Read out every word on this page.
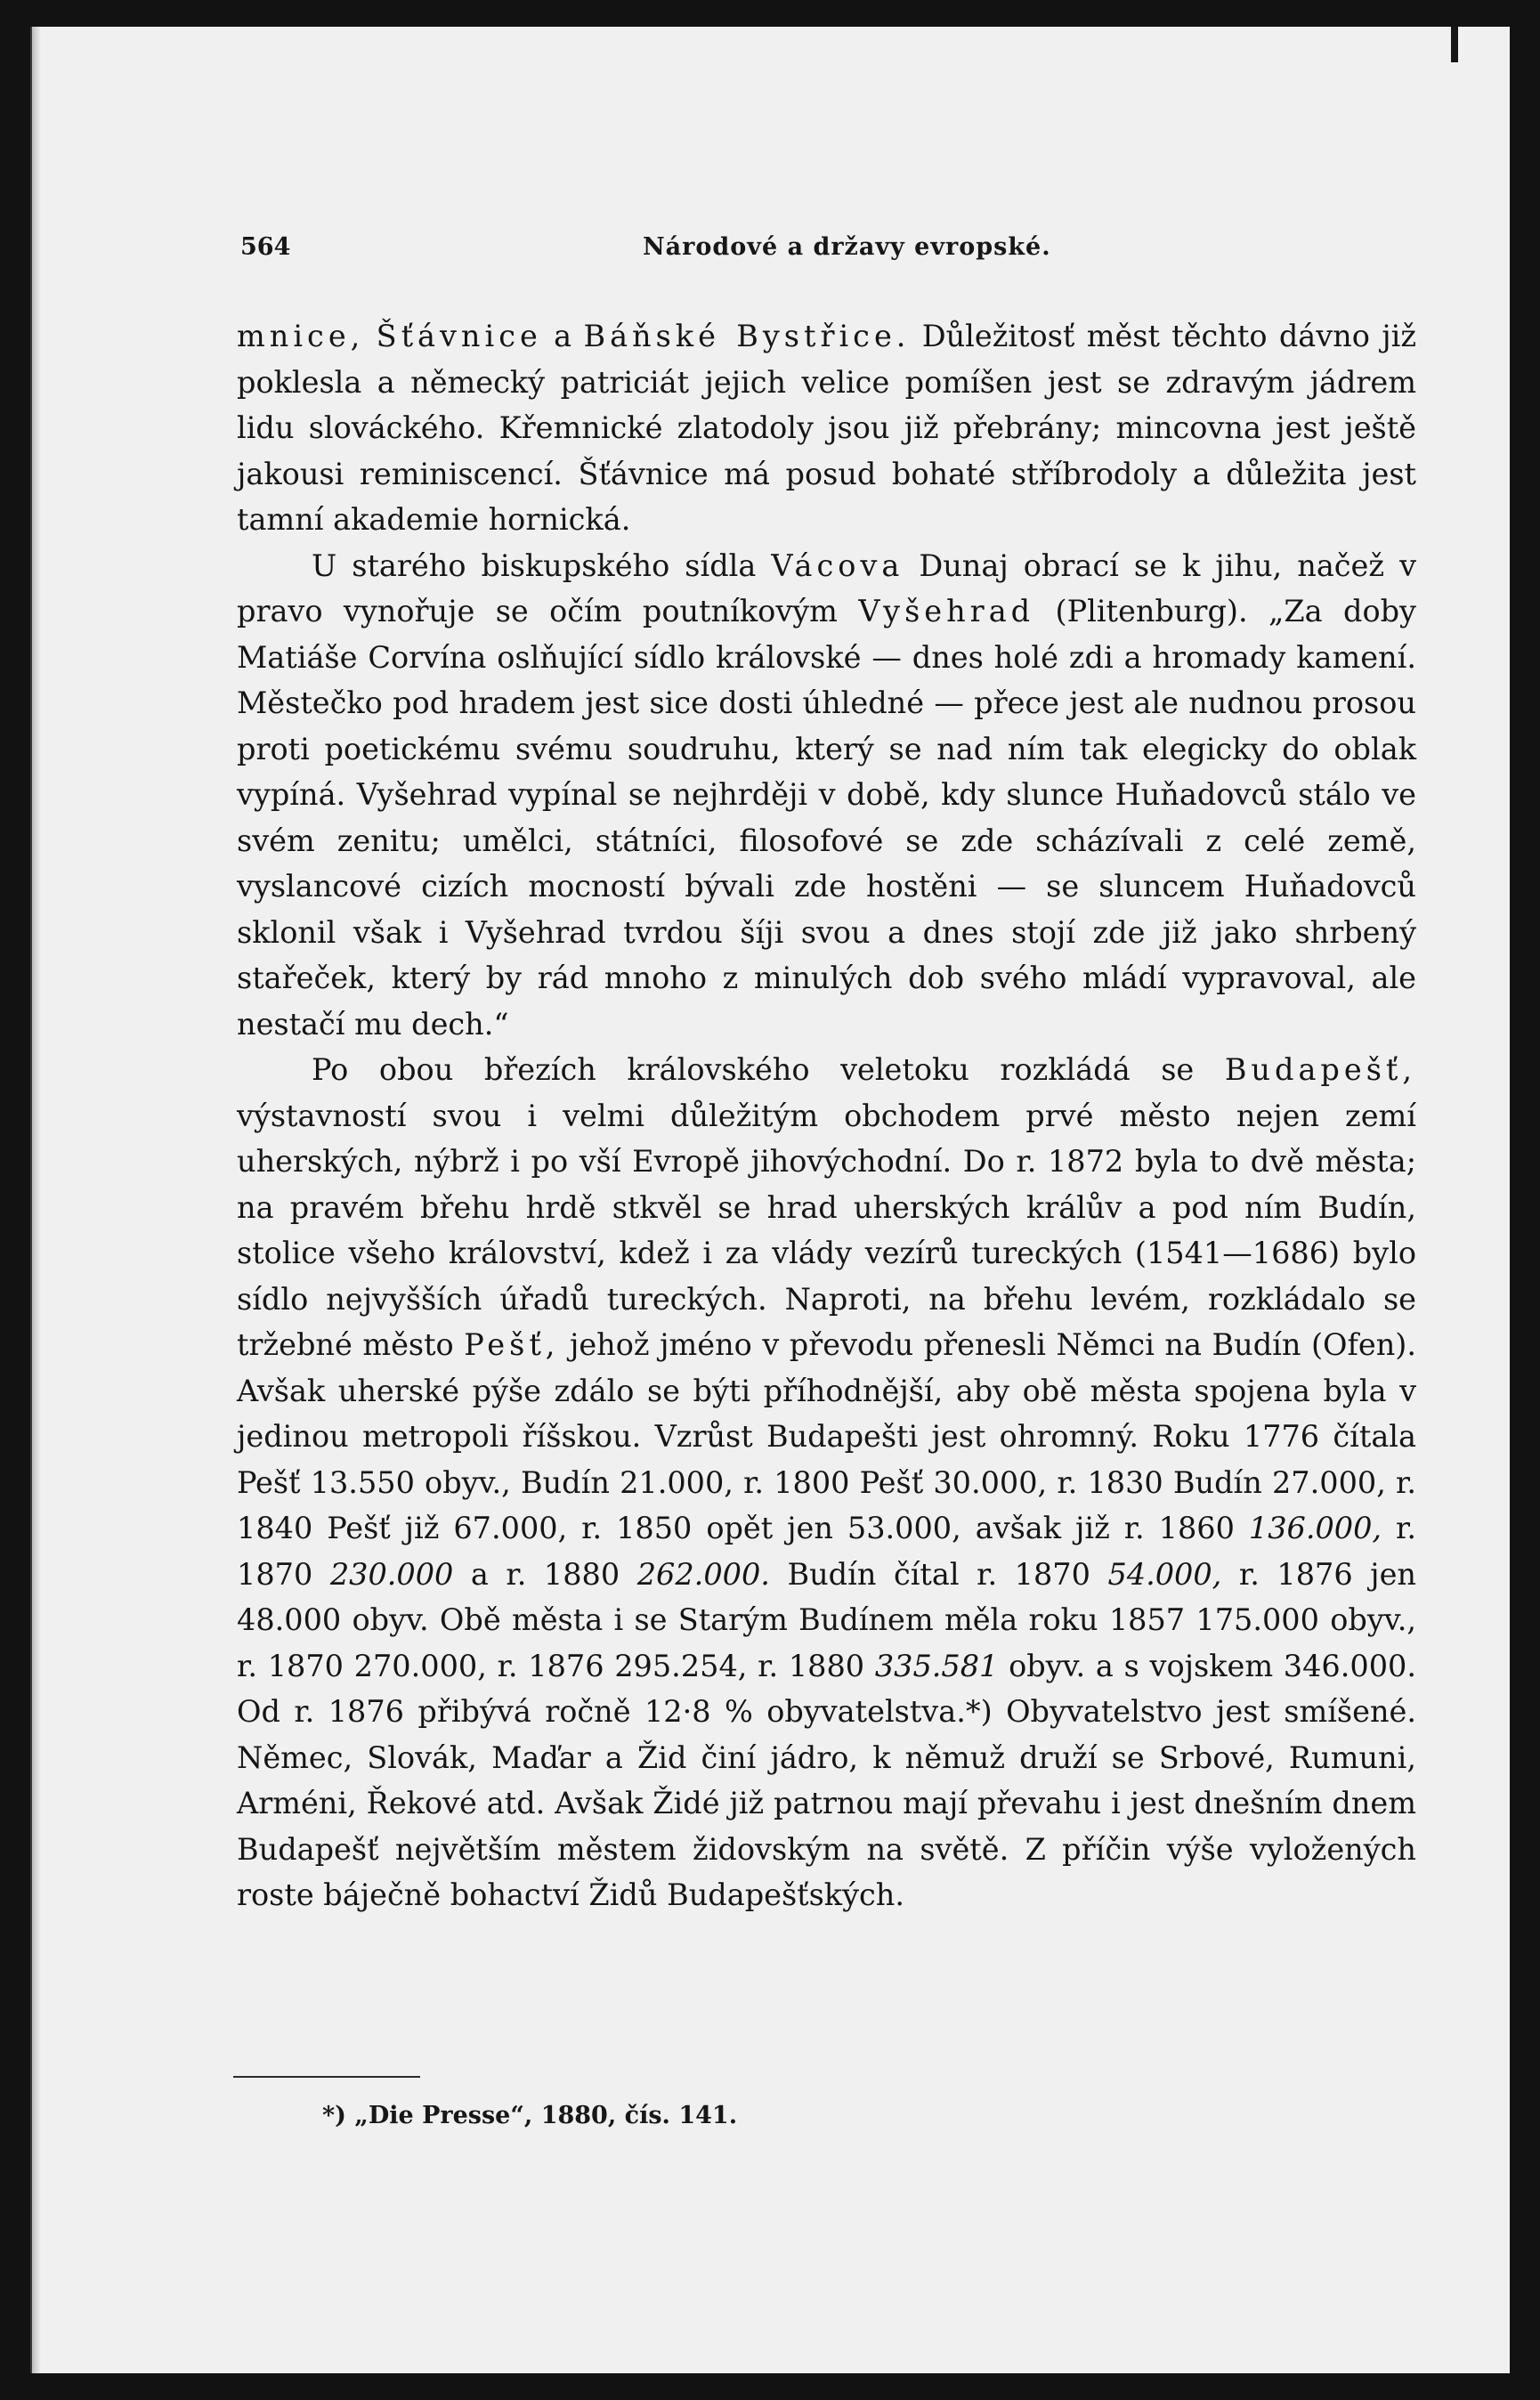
564	Národové a državy evropské.

mnice, Šťávnice a Báňské Bystřice. Důležitosť měst těchto dávno již poklesla a německý patriciát jejich velice pomíšen jest se zdravým jádrem lidu slováckého. Křemnické zlatodoly jsou již přebrány; mincovna jest ještě jakousi reminiscencí. Šťávnice má posud bohaté stříbrodoly a důležita jest tamní akademie hornická.

U starého biskupského sídla Vácova Dunaj obrací se k jihu, načež v pravo vynořuje se očím poutníkovým Vyšehrad (Plitenburg). „Za doby Matiáše Corvína oslňující sídlo královské — dnes holé zdi a hromady kamení. Městečko pod hradem jest sice dosti úhledné — přece jest ale nudnou prosou proti poetickému svému soudruhu, který se nad ním tak elegicky do oblak vypíná. Vyšehrad vypínal se nejhrději v době, kdy slunce Huňadovců stálo ve svém zenitu; umělci, státníci, filosofové se zde scházívali z celé země, vyslancové cizích mocností bývali zde hostěni — se sluncem Huňadovců sklonil však i Vyšehrad tvrdou šíji svou a dnes stojí zde již jako shrbený stařeček, který by rád mnoho z minulých dob svého mládí vypravoval, ale nestačí mu dech.“

Po obou březích královského veletoku rozkládá se Budapešť, výstavností svou i velmi důležitým obchodem prvé město nejen zemí uherských, nýbrž i po vší Evropě jihovýchodní. Do r. 1872 byla to dvě města; na pravém břehu hrdě stkvěl se hrad uherských králův a pod ním Budín, stolice všeho království, kdež i za vlády vezírů tureckých (1541—1686) bylo sídlo nejvyšších úřadů tureckých. Naproti, na břehu levém, rozkládalo se tržebné město Pešť, jehož jméno v převodu přenesli Němci na Budín (Ofen). Avšak uherské pýše zdálo se býti příhodnější, aby obě města spojena byla v jedinou metropoli říšskou. Vzrůst Budapešti jest ohromný. Roku 1776 čítala Pešť 13.550 obyv., Budín 21.000, r. 1800 Pešť 30.000, r. 1830 Budín 27.000, r. 1840 Pešť již 67.000, r. 1850 opět jen 53.000, avšak již r. 1860 136.000, r. 1870 230.000 a r. 1880 262.000. Budín čítal r. 1870 54.000, r. 1876 jen 48.000 obyv. Obě města i se Starým Budínem měla roku 1857 175.000 obyv., r. 1870 270.000, r. 1876 295.254, r. 1880 335.581 obyv. a s vojskem 346.000. Od r. 1876 přibývá ročně 12·8 % obyvatelstva.*) Obyvatelstvo jest smíšené. Němec, Slovák, Maďar a Žid činí jádro, k němuž druží se Srbové, Rumuni, Arméni, Řekové atd. Avšak Židé již patrnou mají převahu i jest dnešním dnem Budapešť největším městem židovským na světě. Z příčin výše vyložených roste báječně bohactví Židů Budapešťských.

*) „Die Presse“, 1880, čís. 141.
